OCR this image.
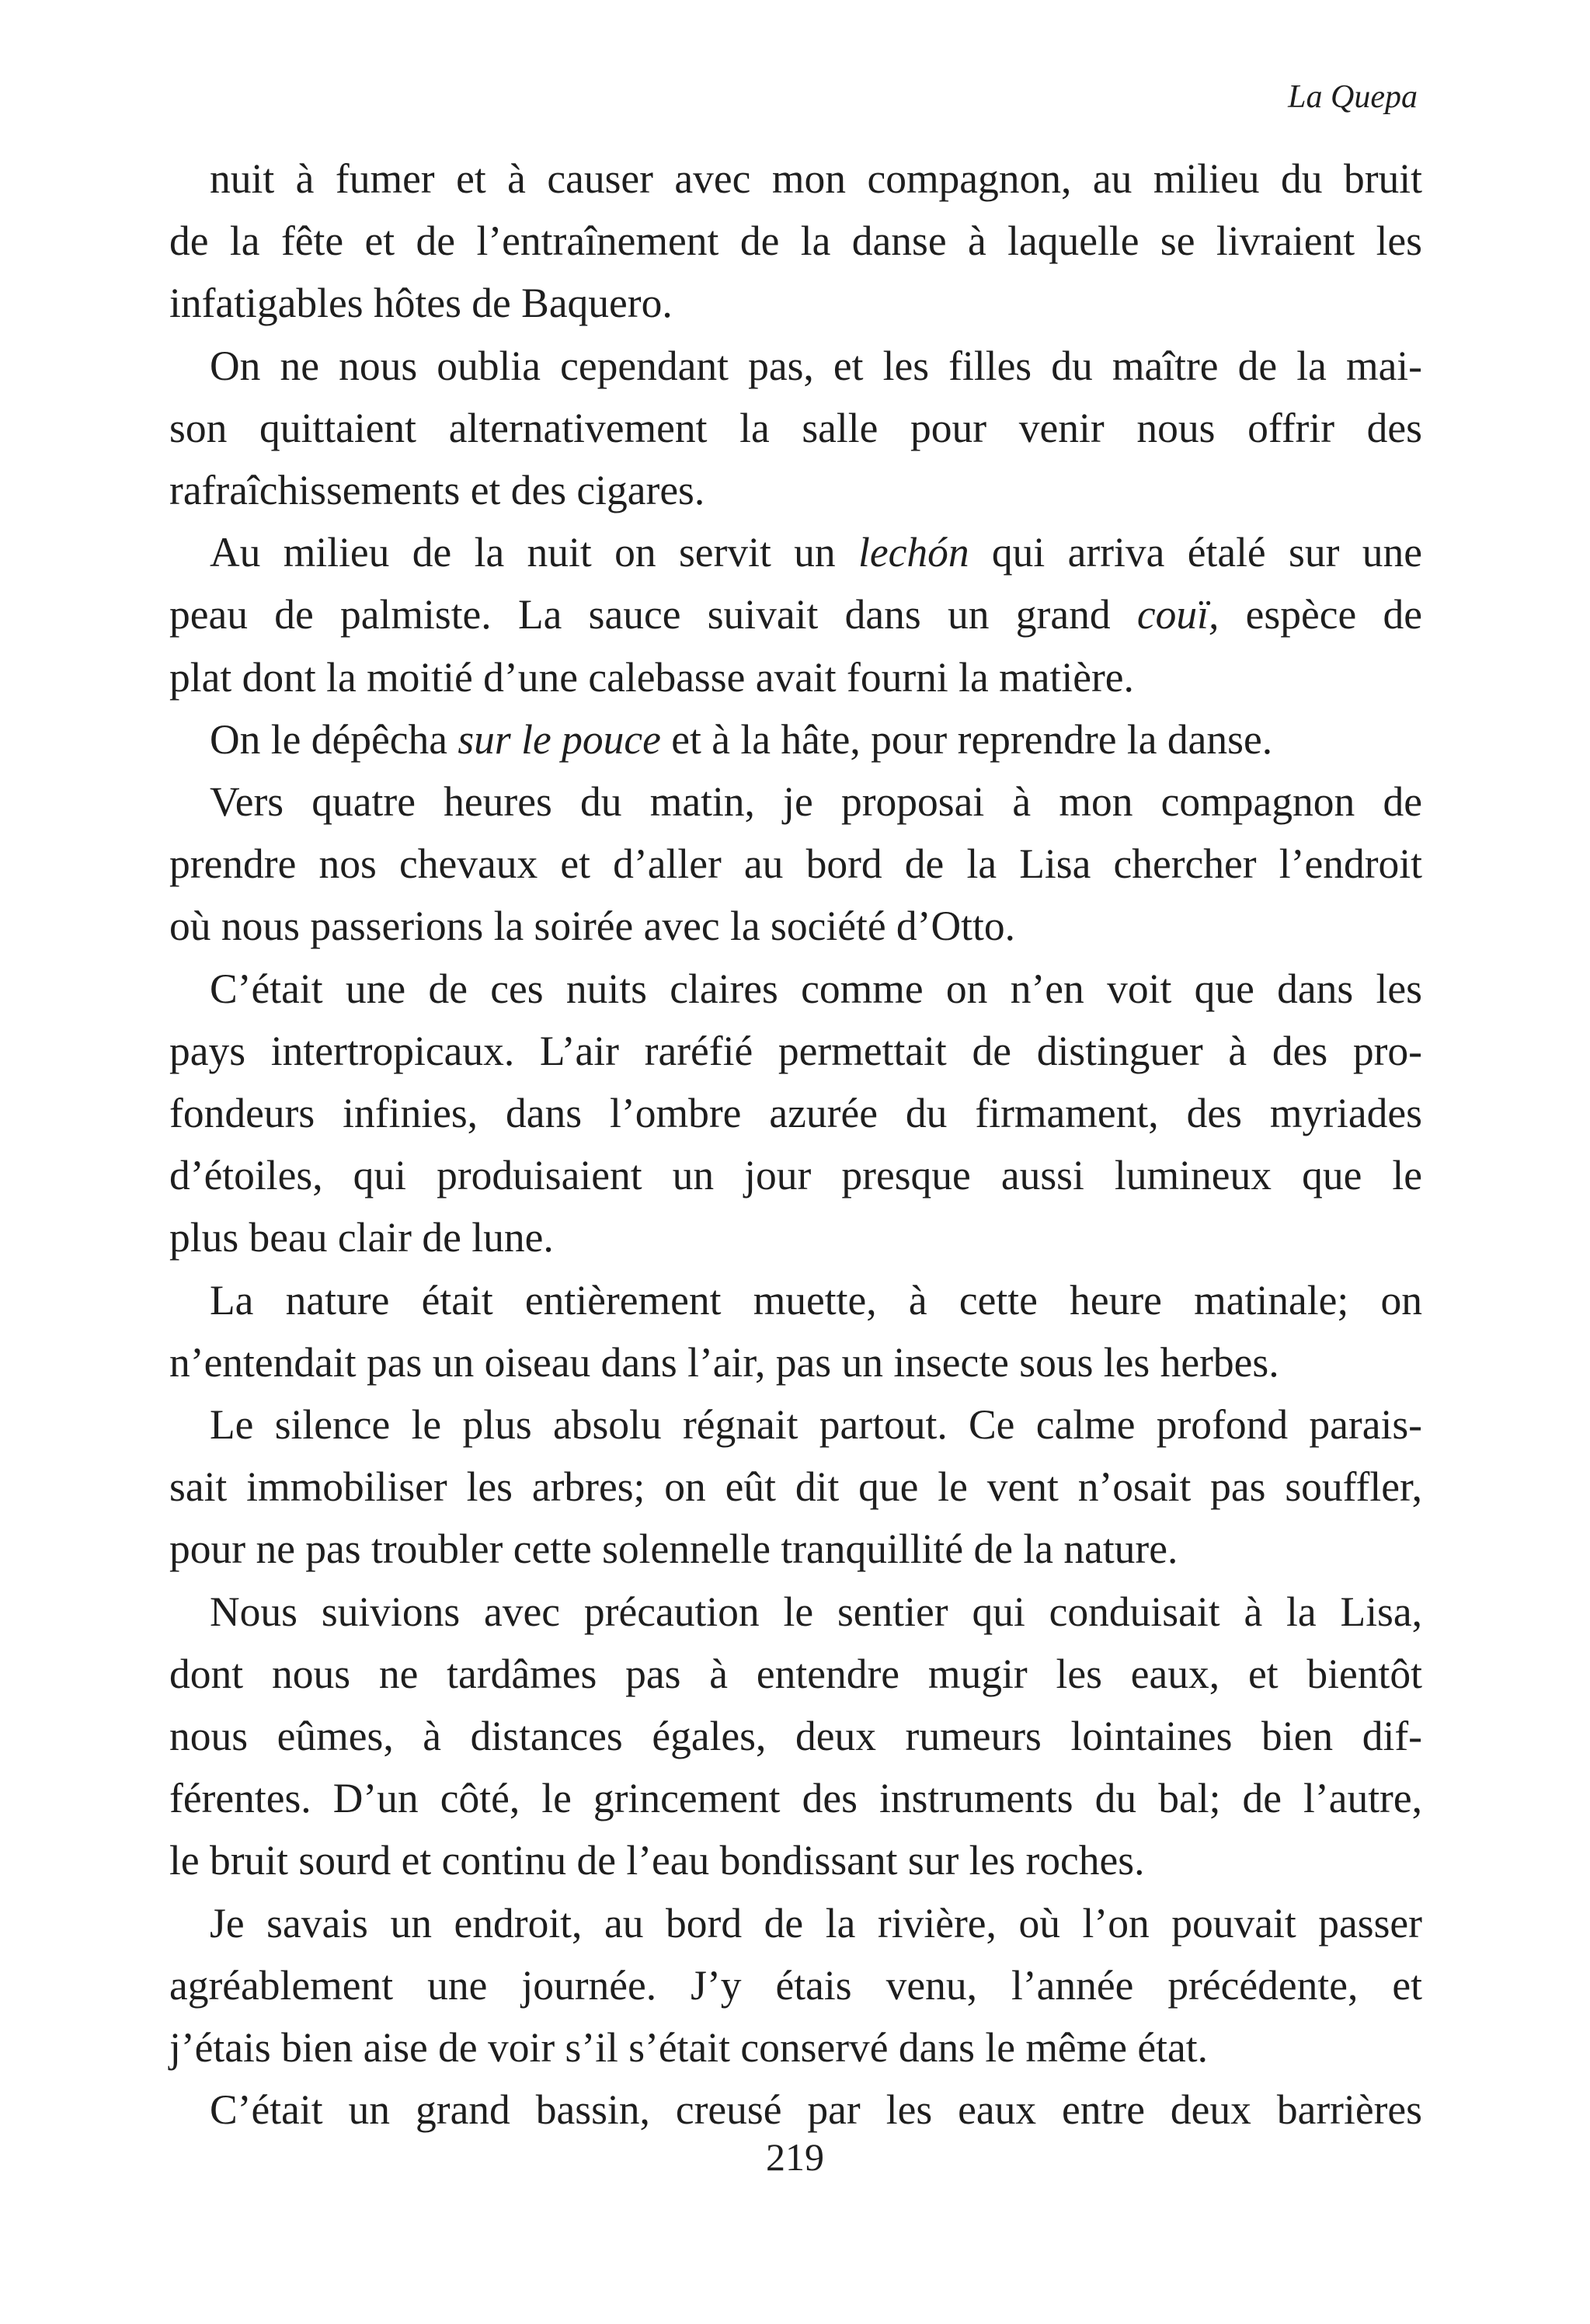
La Quepa

nuit à fumer et à causer avec mon compagnon, au milieu du bruit
de la fête et de l’entraînement de la danse à laquelle se livraient les
infatigables hôtes de Baquero.

On ne nous oublia cependant pas, et les filles du maître de la mai-
son quittaient alternativement la salle pour venir nous offrir des
rafraîchissements et des cigares.

Au milieu de la nuit on servit un lechón qui arriva étalé sur une
peau de palmiste. La sauce suivait dans un grand couï, espèce de
plat dont la moitié d’une calebasse avait fourni la matière.

On le dépêcha sur le pouce et à la hâte, pour reprendre la danse.

Vers quatre heures du matin, je proposai à mon compagnon de
prendre nos chevaux et d’aller au bord de la Lisa chercher l’endroit
où nous passerions la soirée avec la société d’Otto.

C’était une de ces nuits claires comme on n’en voit que dans les
pays intertropicaux. L’air raréfié permettait de distinguer à des pro-
fondeurs infinies, dans l’ombre azurée du firmament, des myriades
d’étoiles, qui produisaient un jour presque aussi lumineux que le
plus beau clair de lune.

La nature était entièrement muette, à cette heure matinale; on
n’entendait pas un oiseau dans l’air, pas un insecte sous les herbes.

Le silence le plus absolu régnait partout. Ce calme profond parais-
sait immobiliser les arbres; on eût dit que le vent n’osait pas souffler,
pour ne pas troubler cette solennelle tranquillité de la nature.

Nous suivions avec précaution le sentier qui conduisait à la Lisa,
dont nous ne tardâmes pas à entendre mugir les eaux, et bientôt
nous eûmes, à distances égales, deux rumeurs lointaines bien dif-
férentes. D’un côté, le grincement des instruments du bal; de l’autre,
le bruit sourd et continu de l’eau bondissant sur les roches.

Je savais un endroit, au bord de la rivière, où l’on pouvait passer
agréablement une journée. J’y étais venu, l’année précédente, et
j’étais bien aise de voir s’il s’était conservé dans le même état.

C’était un grand bassin, creusé par les eaux entre deux barrières

219
